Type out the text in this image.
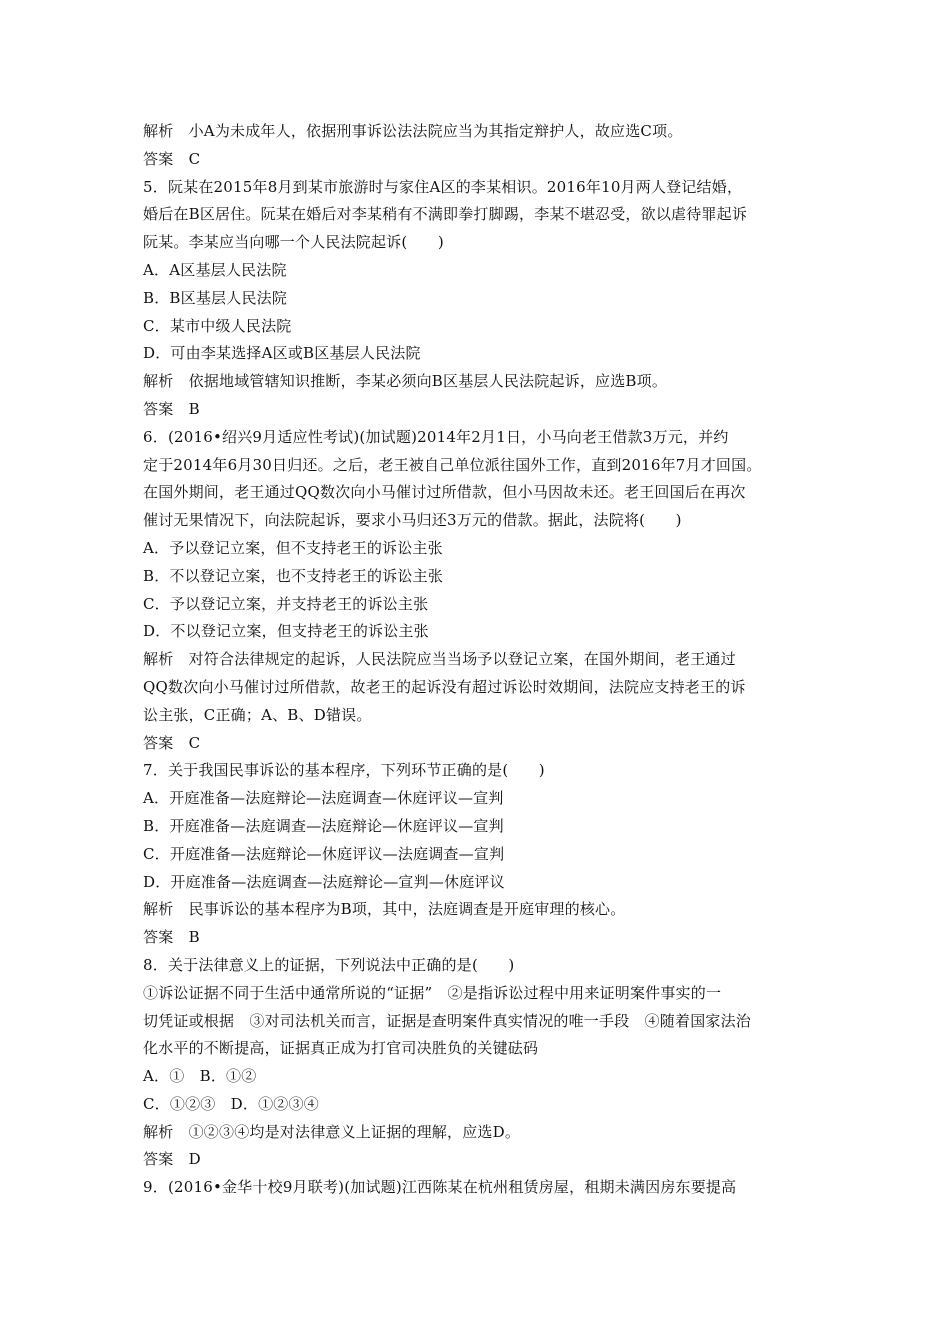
解析　小A为未成年人，依据刑事诉讼法法院应当为其指定辩护人，故应选C项。
答案　C
5．阮某在2015年8月到某市旅游时与家住A区的李某相识。2016年10月两人登记结婚，
婚后在B区居住。阮某在婚后对李某稍有不满即拳打脚踢，李某不堪忍受，欲以虐待罪起诉
阮某。李某应当向哪一个人民法院起诉(　　)
A．A区基层人民法院
B．B区基层人民法院
C．某市中级人民法院
D．可由李某选择A区或B区基层人民法院
解析　依据地域管辖知识推断，李某必须向B区基层人民法院起诉，应选B项。
答案　B
6．(2016•绍兴9月适应性考试)(加试题)2014年2月1日，小马向老王借款3万元，并约
定于2014年6月30日归还。之后，老王被自己单位派往国外工作，直到2016年7月才回国。
在国外期间，老王通过QQ数次向小马催讨过所借款，但小马因故未还。老王回国后在再次
催讨无果情况下，向法院起诉，要求小马归还3万元的借款。据此，法院将(　　)
A．予以登记立案，但不支持老王的诉讼主张
B．不以登记立案，也不支持老王的诉讼主张
C．予以登记立案，并支持老王的诉讼主张
D．不以登记立案，但支持老王的诉讼主张
解析　对符合法律规定的起诉，人民法院应当当场予以登记立案，在国外期间，老王通过
QQ数次向小马催讨过所借款，故老王的起诉没有超过诉讼时效期间，法院应支持老王的诉
讼主张，C正确；A、B、D错误。
答案　C
7．关于我国民事诉讼的基本程序，下列环节正确的是(　　)
A．开庭准备—法庭辩论—法庭调查—休庭评议—宣判
B．开庭准备—法庭调查—法庭辩论—休庭评议—宣判
C．开庭准备—法庭辩论—休庭评议—法庭调查—宣判
D．开庭准备—法庭调查—法庭辩论—宣判—休庭评议
解析　民事诉讼的基本程序为B项，其中，法庭调查是开庭审理的核心。
答案　B
8．关于法律意义上的证据，下列说法中正确的是(　　)
①诉讼证据不同于生活中通常所说的“证据”　②是指诉讼过程中用来证明案件事实的一
切凭证或根据　③对司法机关而言，证据是查明案件真实情况的唯一手段　④随着国家法治
化水平的不断提高，证据真正成为打官司决胜负的关键砝码
A．①　B．①②
C．①②③　D．①②③④
解析　①②③④均是对法律意义上证据的理解，应选D。
答案　D
9．(2016•金华十校9月联考)(加试题)江西陈某在杭州租赁房屋，租期未满因房东要提高
